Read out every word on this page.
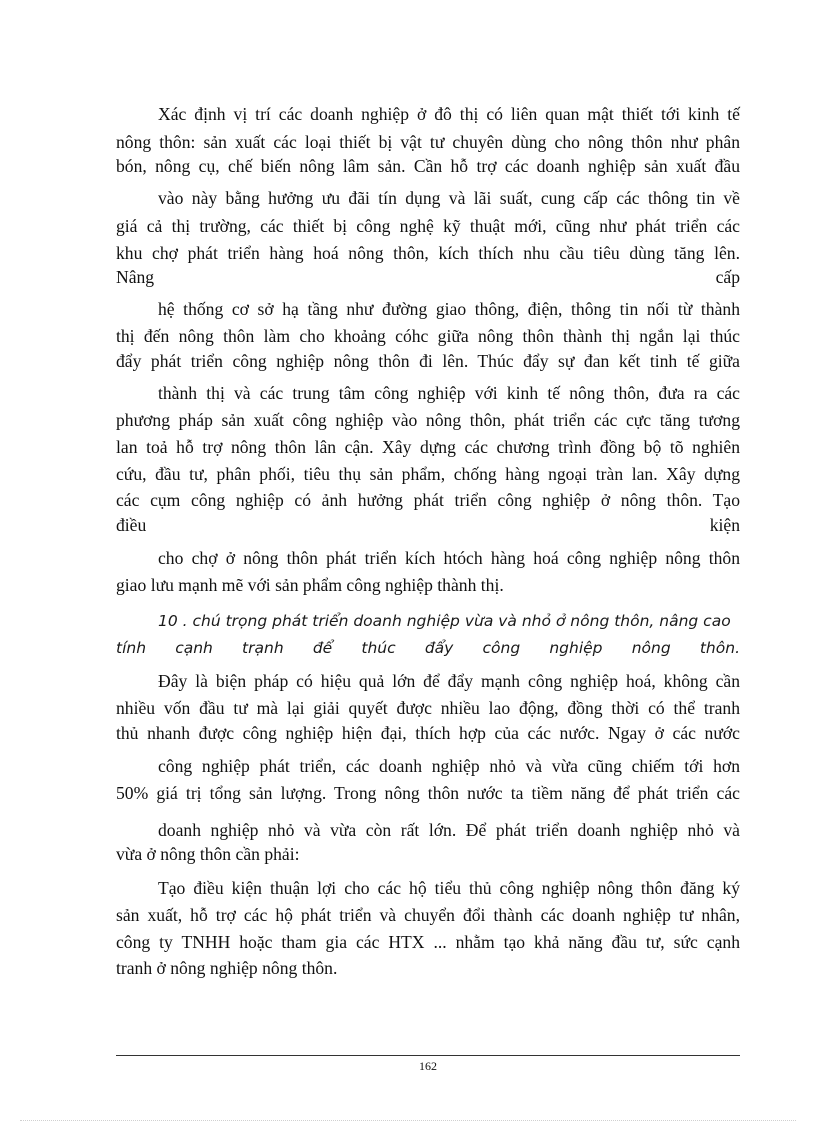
Xác định vị trí các doanh nghiệp ở đô thị có liên quan mật thiết tới kinh tế
nông thôn: sản xuất các loại thiết bị vật tư chuyên dùng cho nông thôn như phân
bón, nông cụ, chế biến nông lâm sản. Cần hỗ trợ các doanh nghiệp sản xuất đầu
vào này bằng hưởng ưu đãi tín dụng và lãi suất, cung cấp các thông tin về
giá cả thị trường, các thiết bị công nghệ kỹ thuật mới, cũng như phát triển các
khu chợ phát triển hàng hoá nông thôn, kích thích nhu cầu tiêu dùng tăng lên.
Nâng cấp
hệ thống cơ sở hạ tầng như đường giao thông, điện, thông tin nối từ thành
thị đến nông thôn làm cho khoảng cóhc giữa nông thôn thành thị ngắn lại thúc
đẩy phát triển công nghiệp nông thôn đi lên. Thúc đẩy sự đan kết tinh tế giữa
thành thị và các trung tâm công nghiệp với kinh tế nông thôn, đưa ra các
phương pháp sản xuất công nghiệp vào nông thôn, phát triển các cực tăng tương
lan toả hỗ trợ nông thôn lân cận. Xây dựng các chương trình đồng bộ tõ nghiên
cứu, đầu tư, phân phối, tiêu thụ sản phẩm, chống hàng ngoại tràn lan. Xây dựng
các cụm công nghiệp có ảnh hưởng phát triển công nghiệp ở nông thôn. Tạo
điều kiện
cho chợ ở nông thôn phát triển kích htóch hàng hoá công nghiệp nông thôn
giao lưu mạnh mẽ với sản phẩm công nghiệp thành thị.
10 . chú trọng phát triển doanh nghiệp vừa và nhỏ ở nông thôn, nâng cao
tính cạnh trạnh để thúc đẩy công nghiệp nông thôn.
Đây là biện pháp có hiệu quả lớn để đẩy mạnh công nghiệp hoá, không cần
nhiều vốn đầu tư mà lại giải quyết được nhiều lao động, đồng thời có thể tranh
thủ nhanh được công nghiệp hiện đại, thích hợp của các nước. Ngay ở các nước
công nghiệp phát triển, các doanh nghiệp nhỏ và vừa cũng chiếm tới hơn
50% giá trị tổng sản lượng. Trong nông thôn nước ta tiềm năng để phát triển các
doanh nghiệp nhỏ và vừa còn rất lớn. Để phát triển doanh nghiệp nhỏ và
vừa ở nông thôn cần phải:
Tạo điều kiện thuận lợi cho các hộ tiểu thủ công nghiệp nông thôn đăng ký
sản xuất, hỗ trợ các hộ phát triển và chuyển đổi thành các doanh nghiệp tư nhân,
công ty TNHH hoặc tham gia các HTX ... nhằm tạo khả năng đầu tư, sức cạnh
tranh ở nông nghiệp nông thôn.
162
